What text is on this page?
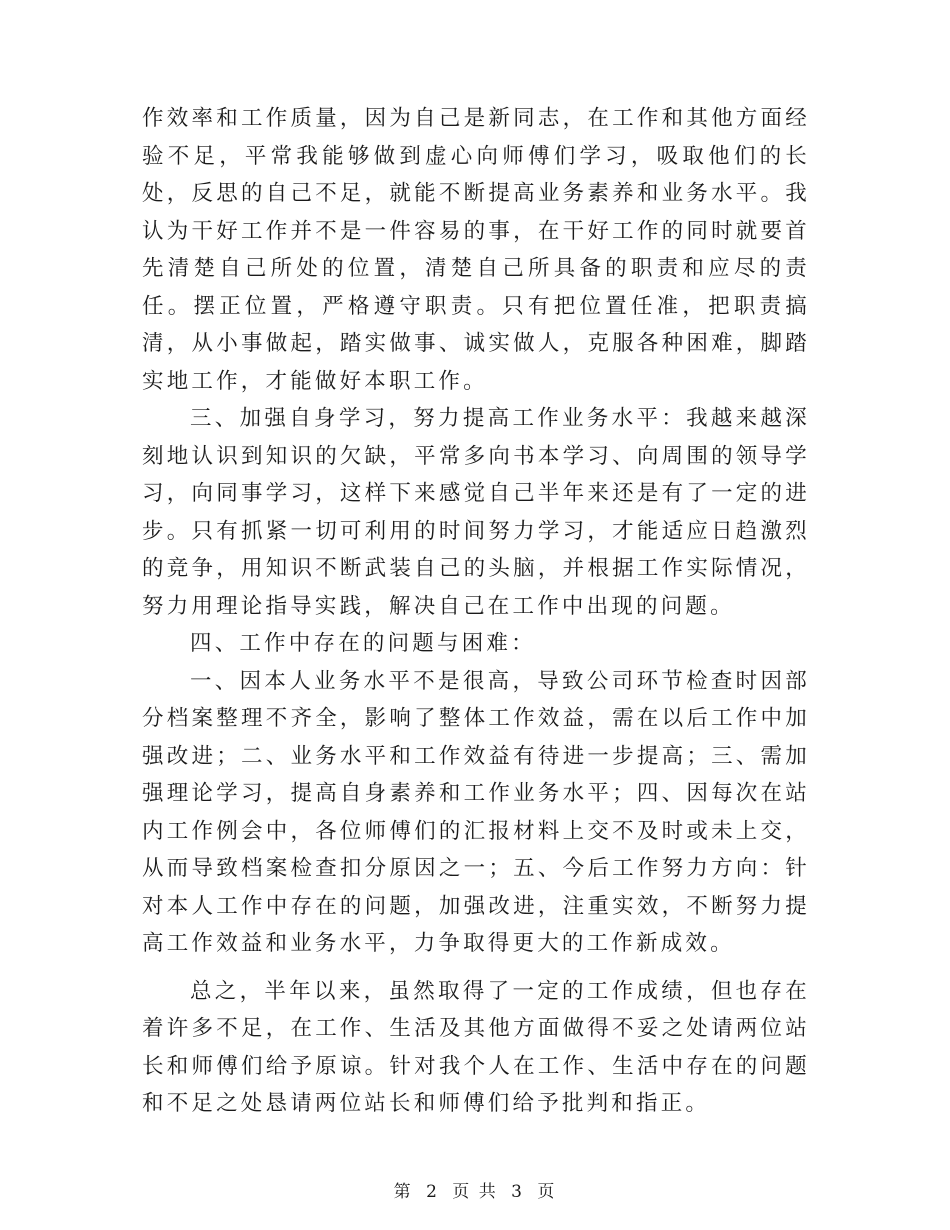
作效率和工作质量，因为自己是新同志，在工作和其他方面经验不足，平常我能够做到虚心向师傅们学习，吸取他们的长处，反思的自己不足，就能不断提高业务素养和业务水平。我认为干好工作并不是一件容易的事，在干好工作的同时就要首先清楚自己所处的位置，清楚自己所具备的职责和应尽的责任。摆正位置，严格遵守职责。只有把位置任准，把职责搞清，从小事做起，踏实做事、诚实做人，克服各种困难，脚踏实地工作，才能做好本职工作。

三、加强自身学习，努力提高工作业务水平：我越来越深刻地认识到知识的欠缺，平常多向书本学习、向周围的领导学习，向同事学习，这样下来感觉自己半年来还是有了一定的进步。只有抓紧一切可利用的时间努力学习，才能适应日趋激烈的竞争，用知识不断武装自己的头脑，并根据工作实际情况，努力用理论指导实践，解决自己在工作中出现的问题。

四、工作中存在的问题与困难：

一、因本人业务水平不是很高，导致公司环节检查时因部分档案整理不齐全，影响了整体工作效益，需在以后工作中加强改进；二、业务水平和工作效益有待进一步提高；三、需加强理论学习，提高自身素养和工作业务水平；四、因每次在站内工作例会中，各位师傅们的汇报材料上交不及时或未上交，从而导致档案检查扣分原因之一；五、今后工作努力方向：针对本人工作中存在的问题，加强改进，注重实效，不断努力提高工作效益和业务水平，力争取得更大的工作新成效。

总之，半年以来，虽然取得了一定的工作成绩，但也存在着许多不足，在工作、生活及其他方面做得不妥之处请两位站长和师傅们给予原谅。针对我个人在工作、生活中存在的问题和不足之处恳请两位站长和师傅们给予批判和指正。

第 2 页 共 3 页
